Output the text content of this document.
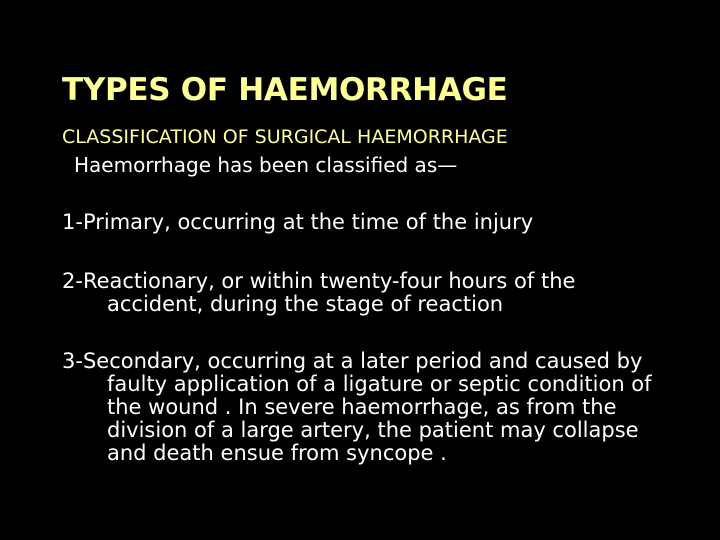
TYPES OF HAEMORRHAGE
CLASSIFICATION OF SURGICAL HAEMORRHAGE
Haemorrhage has been classified as—
1-Primary, occurring at the time of the injury
2-Reactionary, or within twenty-four hours of the accident, during the stage of reaction
3-Secondary, occurring at a later period and caused by faulty application of a ligature or septic condition of the wound . In severe haemorrhage, as from the division of a large artery, the patient may collapse and death ensue from syncope .
